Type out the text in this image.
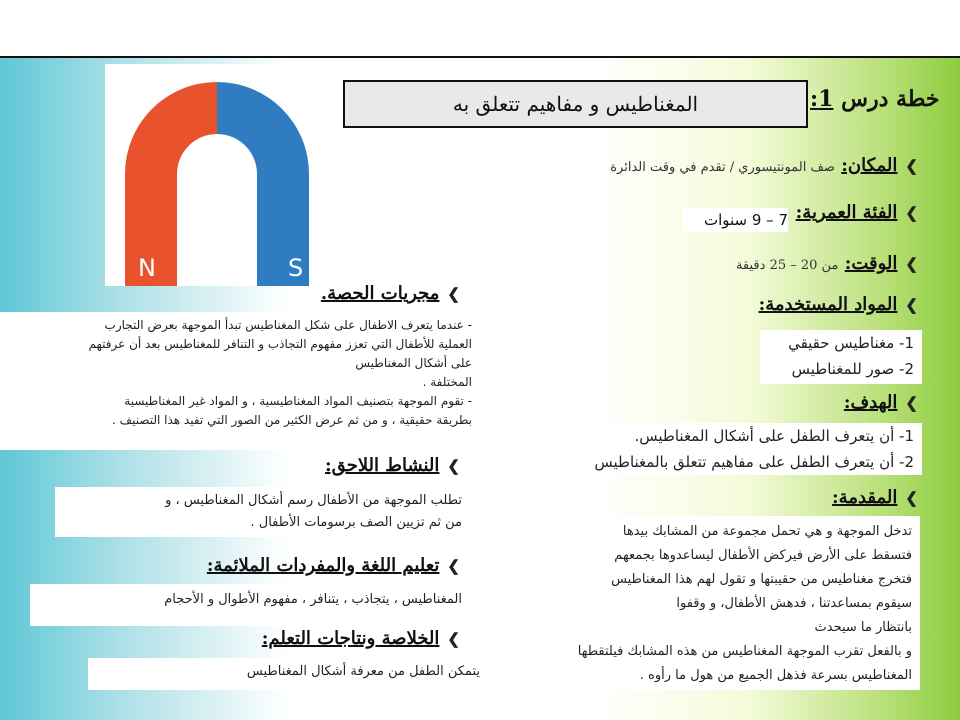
N	S
المغناطيس و مفاهيم تتعلق به	خطة درس 1:
❯المكان: صف المونتيسوري / تقدم في وقت الدائرة
❯الفئة العمرية:
7 – 9 سنوات
❯الوقت: من 20 – 25 دقيقة
❯المواد المستخدمة:
1- مغناطيس حقيقي
2- صور للمغناطيس
❯الهدف:
1- أن يتعرف الطفل على أشكال المغناطيس.
2- أن يتعرف الطفل على مفاهيم تتعلق بالمغناطيس
❯المقدمة:
تدخل الموجهة و هي تحمل مجموعة من المشابك بيدها
فتسقط على الأرض فيركض الأطفال ليساعدوها بجمعهم
فتخرج مغناطيس من حقيبتها و تقول لهم هذا المغناطيس
سيقوم بمساعدتنا ، فدهش الأطفال، و وقفوا
بانتظار ما سيحدث
و بالفعل تقرب الموجهة المغناطيس من هذه المشابك فيلتقطها
المغناطيس بسرعة فذهل الجميع من هول ما رأوه .
❯مجريات الحصة.
- عندما يتعرف الاطفال على شكل المغناطيس تبدأ الموجهة بعرض التجارب
العملية للأطفال التي تعزز مفهوم التجاذب و التنافر للمغناطيس بعد أن عرفتهم
على أشكال المغناطيس
المختلفة .
- تقوم الموجهة بتصنيف المواد المغناطيسية ، و المواد غير المغناطيسية
بطريقة حقيقية ، و من ثم عرض الكثير من الصور التي تفيد هذا التصنيف .
❯النشاط اللاحق:
تطلب الموجهة من الأطفال رسم أشكال المغناطيس ، و
من ثم تزيين الصف برسومات الأطفال .
❯تعليم اللغة والمفردات الملائمة:
المغناطيس ، يتجاذب ، يتنافر ، مفهوم الأطوال و الأحجام
❯الخلاصة ونتاجات التعلم:
يتمكن الطفل من معرفة أشكال المغناطيس
